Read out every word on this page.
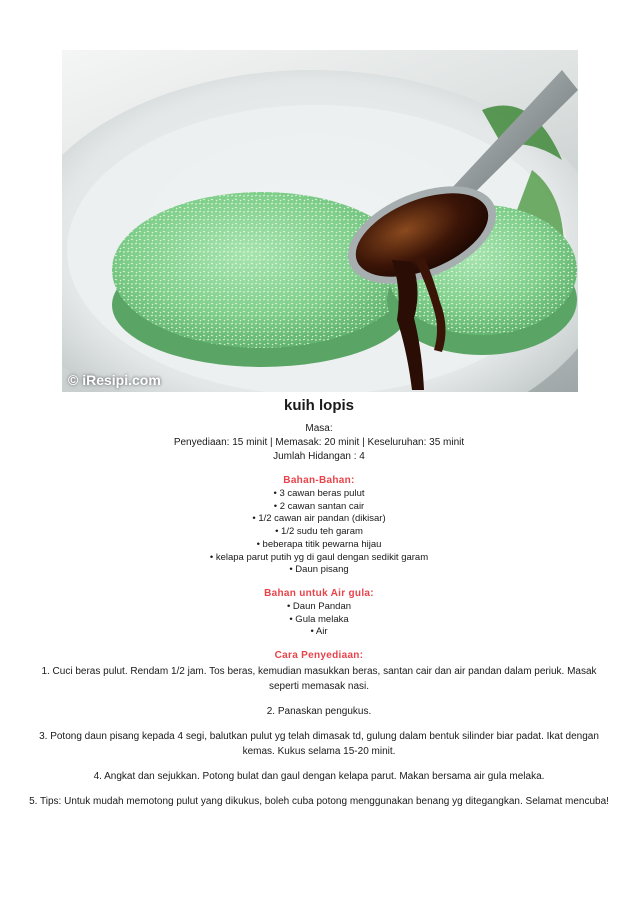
© iResipi.com
kuih lopis
Masa:
Penyediaan: 15 minit | Memasak: 20 minit | Keseluruhan: 35 minit
Jumlah Hidangan : 4
Bahan-Bahan:
• 3 cawan beras pulut
• 2 cawan santan cair
• 1/2 cawan air pandan (dikisar)
• 1/2 sudu teh garam
• beberapa titik pewarna hijau
• kelapa parut putih yg di gaul dengan sedikit garam
• Daun pisang
Bahan untuk Air gula:
• Daun Pandan
• Gula melaka
• Air
Cara Penyediaan:
1. Cuci beras pulut. Rendam 1/2 jam. Tos beras, kemudian masukkan beras, santan cair dan air pandan dalam periuk. Masak seperti memasak nasi.
2. Panaskan pengukus.
3. Potong daun pisang kepada 4 segi, balutkan pulut yg telah dimasak td, gulung dalam bentuk silinder biar padat. Ikat dengan kemas. Kukus selama 15-20 minit.
4. Angkat dan sejukkan. Potong bulat dan gaul dengan kelapa parut. Makan bersama air gula melaka.
5. Tips: Untuk mudah memotong pulut yang dikukus, boleh cuba potong menggunakan benang yg ditegangkan. Selamat mencuba!
